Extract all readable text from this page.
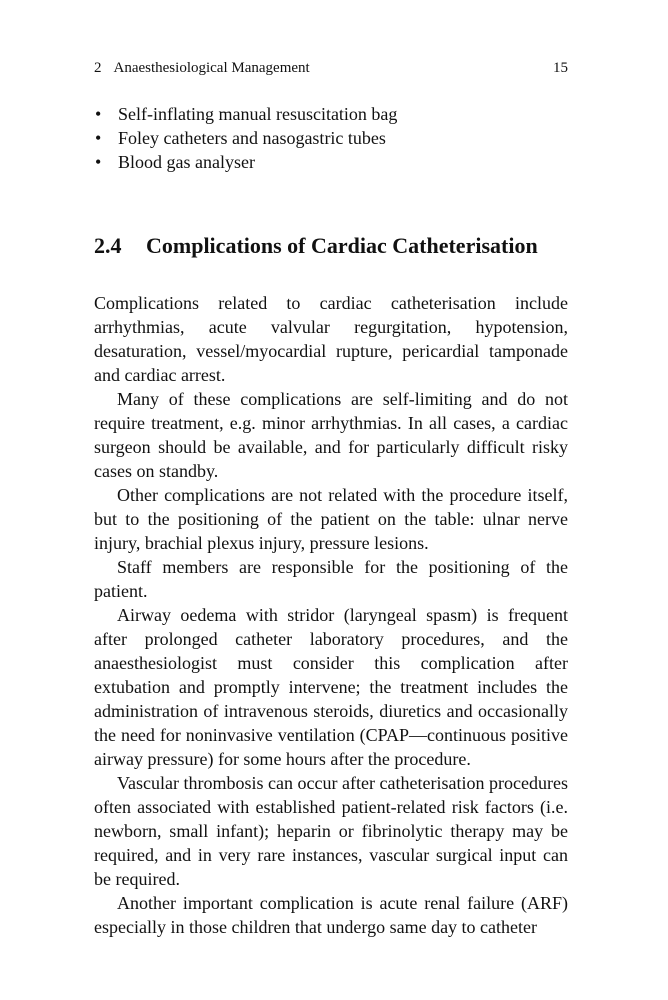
2 Anaesthesiological Management	15
• Self-inflating manual resuscitation bag
• Foley catheters and nasogastric tubes
• Blood gas analyser
2.4 Complications of Cardiac Catheterisation

Complications related to cardiac catheterisation include arrhythmias, acute valvular regurgitation, hypotension, desaturation, vessel/myocardial rupture, pericardial tamponade and cardiac arrest.

Many of these complications are self-limiting and do not require treatment, e.g. minor arrhythmias. In all cases, a cardiac surgeon should be available, and for particularly difficult risky cases on standby.

Other complications are not related with the procedure itself, but to the positioning of the patient on the table: ulnar nerve injury, brachial plexus injury, pressure lesions.

Staff members are responsible for the positioning of the patient.

Airway oedema with stridor (laryngeal spasm) is frequent after prolonged catheter laboratory procedures, and the anaesthesiologist must consider this complication after extubation and promptly intervene; the treatment includes the administration of intravenous steroids, diuretics and occasionally the need for noninvasive ventilation (CPAP—continuous positive airway pressure) for some hours after the procedure.

Vascular thrombosis can occur after catheterisation procedures often associated with established patient-related risk factors (i.e. newborn, small infant); heparin or fibrinolytic therapy may be required, and in very rare instances, vascular surgical input can be required.

Another important complication is acute renal failure (ARF) especially in those children that undergo same day to catheter
